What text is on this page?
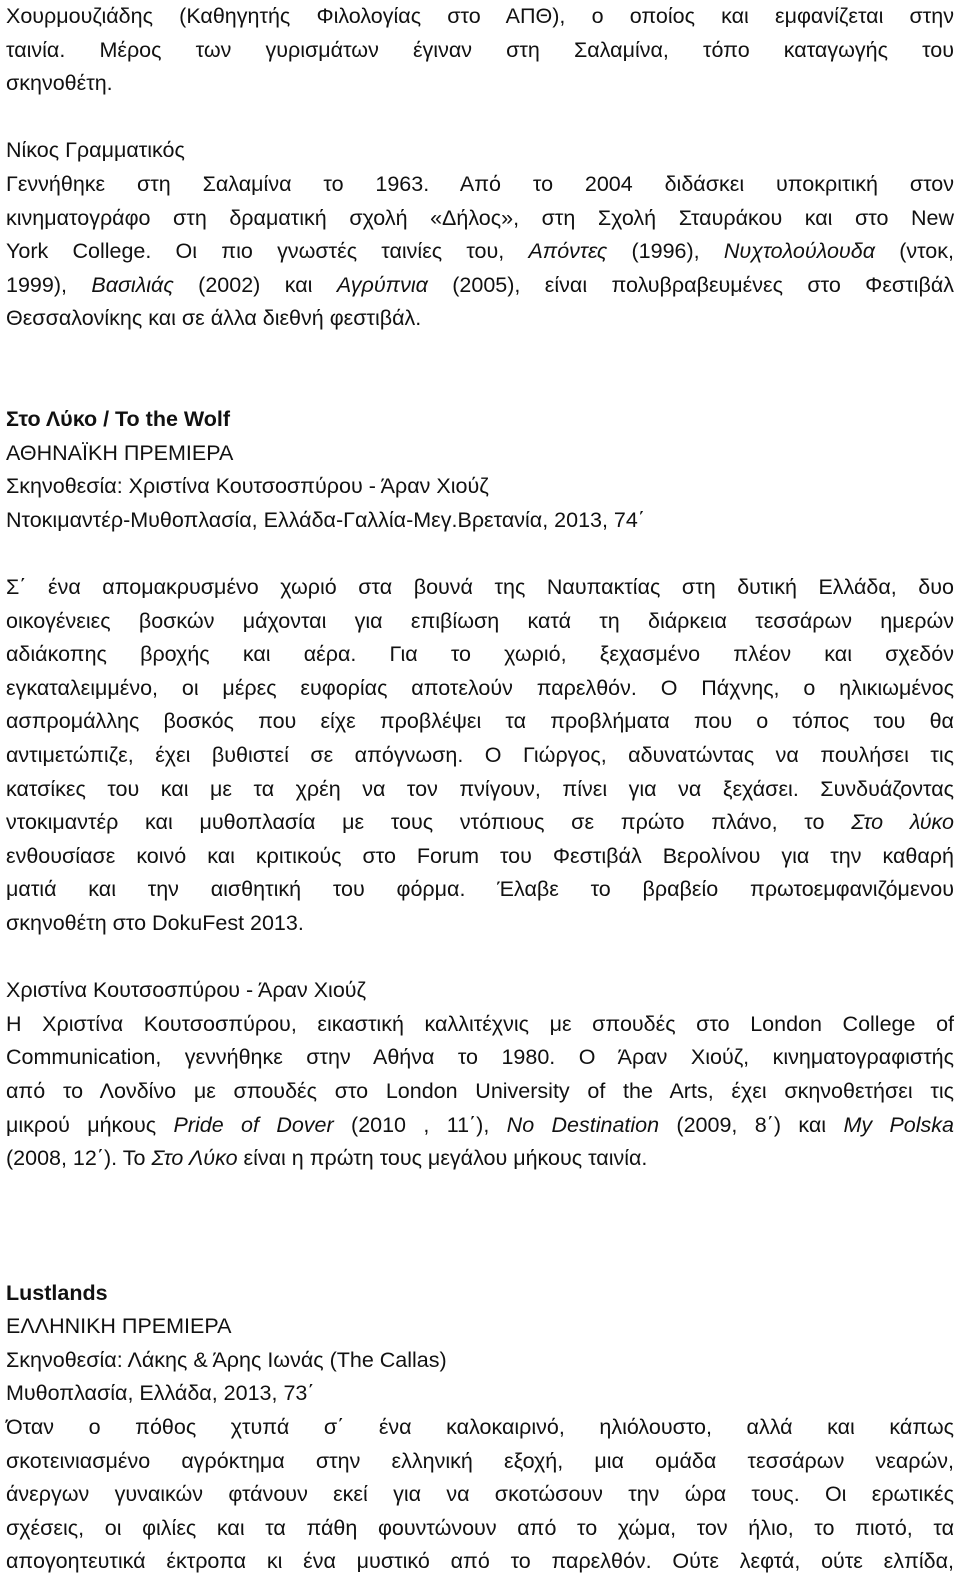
Χουρμουζιάδης (Καθηγητής Φιλολογίας στο ΑΠΘ), ο οποίος και εμφανίζεται στην
ταινία. Μέρος των γυρισμάτων έγιναν στη Σαλαμίνα, τόπο καταγωγής του
σκηνοθέτη.
Νίκος Γραμματικός
Γεννήθηκε στη Σαλαμίνα το 1963. Από το 2004 διδάσκει υποκριτική στον
κινηματογράφο στη δραματική σχολή «Δήλος», στη Σχολή Σταυράκου και στο New
York College. Οι πιο γνωστές ταινίες του, Απόντες (1996), Νυχτολούλουδα (ντοκ,
1999), Βασιλιάς (2002) και Αγρύπνια (2005), είναι πολυβραβευμένες στο Φεστιβάλ
Θεσσαλονίκης και σε άλλα διεθνή φεστιβάλ.
Στο Λύκο / To the Wolf
ΑΘΗΝΑΪΚΗ ΠΡΕΜΙΕΡΑ
Σκηνοθεσία: Χριστίνα Κουτσοσπύρου - Άραν Χιούζ
Ντοκιμαντέρ-Μυθοπλασία, Ελλάδα-Γαλλία-Μεγ.Βρετανία, 2013, 74΄
Σ΄ ένα απομακρυσμένο χωριό στα βουνά της Ναυπακτίας στη δυτική Ελλάδα, δυο
οικογένειες βοσκών μάχονται για επιβίωση κατά τη διάρκεια τεσσάρων ημερών
αδιάκοπης βροχής και αέρα. Για το χωριό, ξεχασμένο πλέον και σχεδόν
εγκαταλειμμένο, οι μέρες ευφορίας αποτελούν παρελθόν. Ο Πάχνης, ο ηλικιωμένος
ασπρομάλλης βοσκός που είχε προβλέψει τα προβλήματα που ο τόπος του θα
αντιμετώπιζε, έχει βυθιστεί σε απόγνωση. Ο Γιώργος, αδυνατώντας να πουλήσει τις
κατσίκες του και με τα χρέη να τον πνίγουν, πίνει για να ξεχάσει. Συνδυάζοντας
ντοκιμαντέρ και μυθοπλασία με τους ντόπιους σε πρώτο πλάνο, το Στο λύκο
ενθουσίασε κοινό και κριτικούς στο Forum του Φεστιβάλ Βερολίνου για την καθαρή
ματιά και την αισθητική του φόρμα. Έλαβε το βραβείο πρωτοεμφανιζόμενου
σκηνοθέτη στο DokuFest 2013.
Χριστίνα Κουτσοσπύρου - Άραν Χιούζ
Η Χριστίνα Κουτσοσπύρου, εικαστική καλλιτέχνις με σπουδές στο London College of
Communication, γεννήθηκε στην Αθήνα το 1980. Ο Άραν Χιούζ, κινηματογραφιστής
από το Λονδίνο με σπουδές στο London University of the Arts, έχει σκηνοθετήσει τις
μικρού μήκους Pride of Dover (2010 , 11΄), No Destination (2009, 8΄) και My Polska
(2008, 12΄). Το Στο Λύκο είναι η πρώτη τους μεγάλου μήκους ταινία.
Lustlands
ΕΛΛΗΝΙΚΗ ΠΡΕΜΙΕΡΑ
Σκηνοθεσία: Λάκης & Άρης Ιωνάς (The Callas)
Μυθοπλασία, Ελλάδα, 2013, 73΄
Όταν ο πόθος χτυπά σ΄ ένα καλοκαιρινό, ηλιόλουστο, αλλά και κάπως
σκοτεινιασμένο αγρόκτημα στην ελληνική εξοχή, μια ομάδα τεσσάρων νεαρών,
άνεργων γυναικών φτάνουν εκεί για να σκοτώσουν την ώρα τους. Οι ερωτικές
σχέσεις, οι φιλίες και τα πάθη φουντώνουν από το χώμα, τον ήλιο, το πιοτό, τα
απογοητευτικά έκτροπα κι ένα μυστικό από το παρελθόν. Ούτε λεφτά, ούτε ελπίδα,
